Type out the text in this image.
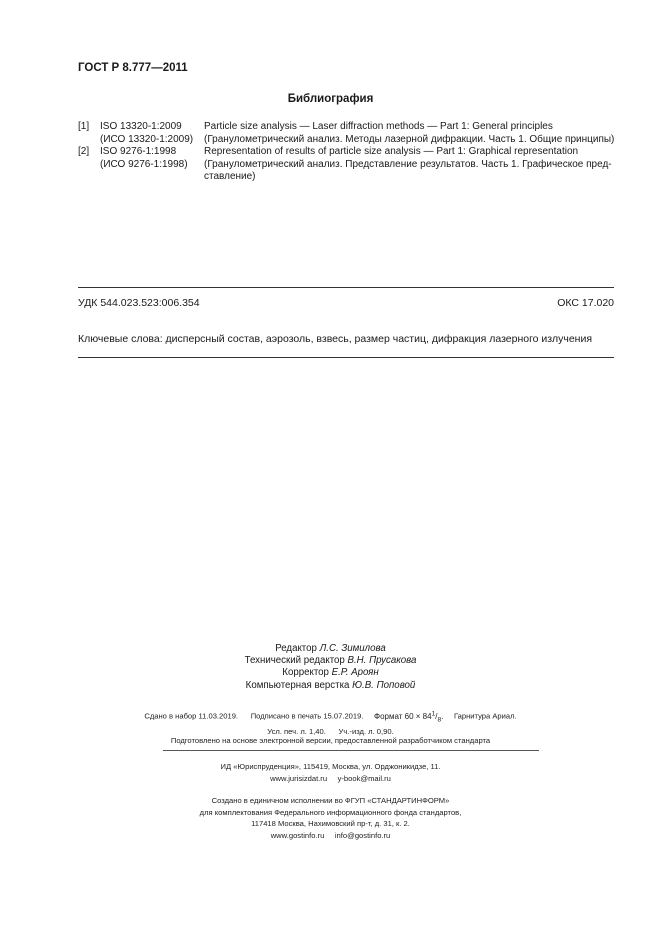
ГОСТ Р 8.777—2011
Библиография
[1] ISO 13320-1:2009
(ИСО 13320-1:2009)
Particle size analysis — Laser diffraction methods — Part 1: General principles
(Гранулометрический анализ. Методы лазерной дифракции. Часть 1. Общие принципы)
[2] ISO 9276-1:1998
(ИСО 9276-1:1998)
Representation of results of particle size analysis — Part 1: Graphical representation
(Гранулометрический анализ. Представление результатов. Часть 1. Графическое пред-
ставление)
УДК 544.023.523:006.354	ОКС 17.020
Ключевые слова: дисперсный состав, аэрозоль, взвесь, размер частиц, дифракция лазерного излучения
Редактор Л.С. Зимилова
Технический редактор В.Н. Прусакова
Корректор Е.Р. Ароян
Компьютерная верстка Ю.В. Поповой
Сдано в набор 11.03.2019. Подписано в печать 15.07.2019. Формат $60 \times 84^1/_8$. Гарнитура Ариал.
Усл. печ. л. 1,40. Уч.-изд. л. 0,90.
Подготовлено на основе электронной версии, предоставленной разработчиком стандарта
ИД «Юриспруденция», 115419, Москва, ул. Орджоникидзе, 11.
www.jurisizdat.ru y-book@mail.ru
Создано в единичном исполнении во ФГУП «СТАНДАРТИНФОРМ»
для комплектования Федерального информационного фонда стандартов,
117418 Москва, Нахимовский пр-т, д. 31, к. 2.
www.gostinfo.ru info@gostinfo.ru
